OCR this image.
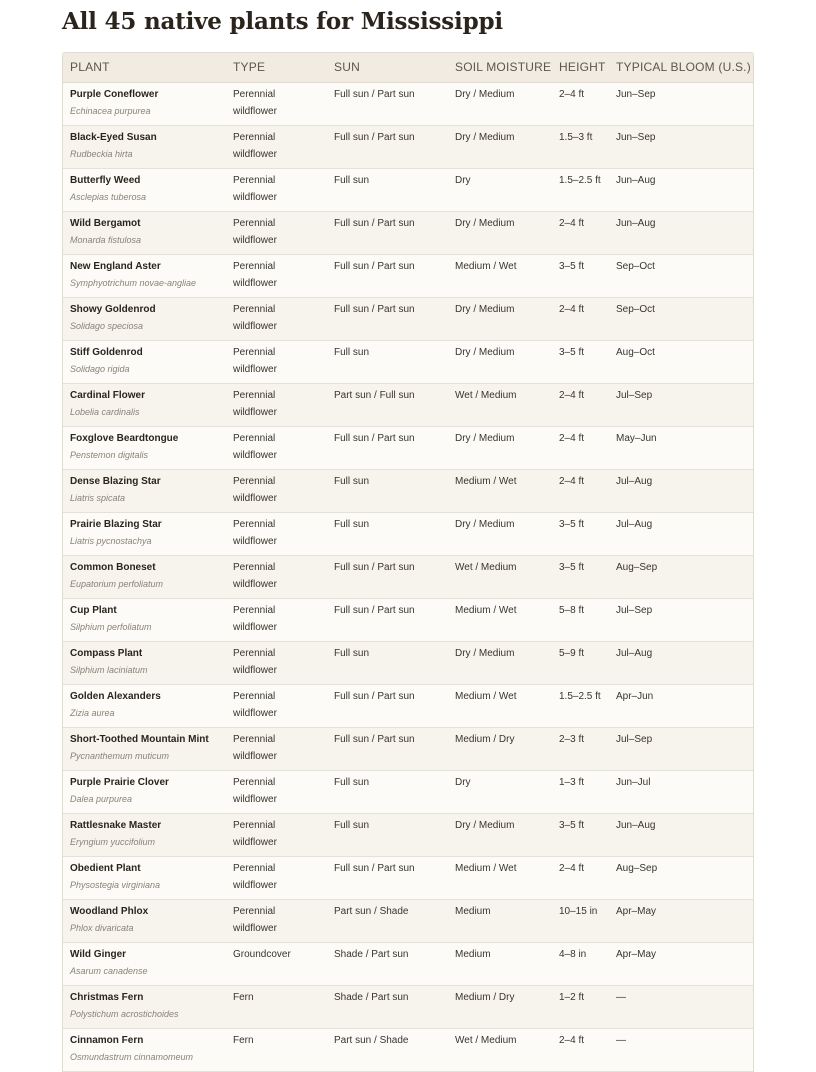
All 45 native plants for Mississippi
PLANT	TYPE	SUN	SOIL MOISTURE	HEIGHT	TYPICAL BLOOM (U.S.)

Purple Coneflower
Echinacea purpurea	Perennial wildflower	Full sun / Part sun	Dry / Medium	2–4 ft	Jun–Sep

Black-Eyed Susan
Rudbeckia hirta	Perennial wildflower	Full sun / Part sun	Dry / Medium	1.5–3 ft	Jun–Sep

Butterfly Weed
Asclepias tuberosa	Perennial wildflower	Full sun	Dry	1.5–2.5 ft	Jun–Aug

Wild Bergamot
Monarda fistulosa	Perennial wildflower	Full sun / Part sun	Dry / Medium	2–4 ft	Jun–Aug

New England Aster
Symphyotrichum novae-angliae	Perennial wildflower	Full sun / Part sun	Medium / Wet	3–5 ft	Sep–Oct

Showy Goldenrod
Solidago speciosa	Perennial wildflower	Full sun / Part sun	Dry / Medium	2–4 ft	Sep–Oct

Stiff Goldenrod
Solidago rigida	Perennial wildflower	Full sun	Dry / Medium	3–5 ft	Aug–Oct

Cardinal Flower
Lobelia cardinalis	Perennial wildflower	Part sun / Full sun	Wet / Medium	2–4 ft	Jul–Sep

Foxglove Beardtongue
Penstemon digitalis	Perennial wildflower	Full sun / Part sun	Dry / Medium	2–4 ft	May–Jun

Dense Blazing Star
Liatris spicata	Perennial wildflower	Full sun	Medium / Wet	2–4 ft	Jul–Aug

Prairie Blazing Star
Liatris pycnostachya	Perennial wildflower	Full sun	Dry / Medium	3–5 ft	Jul–Aug

Common Boneset
Eupatorium perfoliatum	Perennial wildflower	Full sun / Part sun	Wet / Medium	3–5 ft	Aug–Sep

Cup Plant
Silphium perfoliatum	Perennial wildflower	Full sun / Part sun	Medium / Wet	5–8 ft	Jul–Sep

Compass Plant
Silphium laciniatum	Perennial wildflower	Full sun	Dry / Medium	5–9 ft	Jul–Aug

Golden Alexanders
Zizia aurea	Perennial wildflower	Full sun / Part sun	Medium / Wet	1.5–2.5 ft	Apr–Jun

Short-Toothed Mountain Mint
Pycnanthemum muticum	Perennial wildflower	Full sun / Part sun	Medium / Dry	2–3 ft	Jul–Sep

Purple Prairie Clover
Dalea purpurea	Perennial wildflower	Full sun	Dry	1–3 ft	Jun–Jul

Rattlesnake Master
Eryngium yuccifolium	Perennial wildflower	Full sun	Dry / Medium	3–5 ft	Jun–Aug

Obedient Plant
Physostegia virginiana	Perennial wildflower	Full sun / Part sun	Medium / Wet	2–4 ft	Aug–Sep

Woodland Phlox
Phlox divaricata	Perennial wildflower	Part sun / Shade	Medium	10–15 in	Apr–May

Wild Ginger
Asarum canadense	Groundcover	Shade / Part sun	Medium	4–8 in	Apr–May

Christmas Fern
Polystichum acrostichoides	Fern	Shade / Part sun	Medium / Dry	1–2 ft	—

Cinnamon Fern
Osmundastrum cinnamomeum	Fern	Part sun / Shade	Wet / Medium	2–4 ft	—
